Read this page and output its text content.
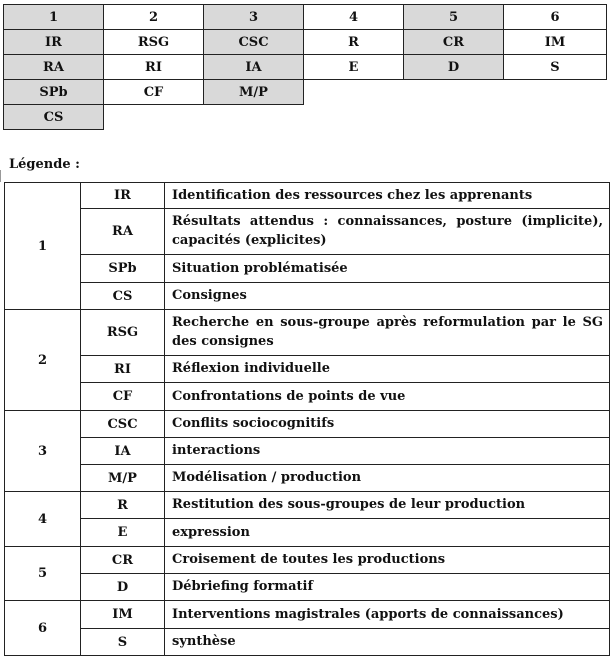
1	2	3	4	5	6
IR	RSG	CSC	R	CR	IM
RA	RI	IA	E	D	S
SPb	CF	M/P			
CS					
Légende :
1	IR	Identification des ressources chez les apprenants
	RA	Résultats attendus : connaissances, posture (implicite), capacités (explicites)
	SPb	Situation problématisée
	CS	Consignes
2	RSG	Recherche en sous-groupe après reformulation par le SG des consignes
	RI	Réflexion individuelle
	CF	Confrontations de points de vue
3	CSC	Conflits sociocognitifs
	IA	interactions
	M/P	Modélisation / production
4	R	Restitution des sous-groupes de leur production
	E	expression
5	CR	Croisement de toutes les productions
	D	Débriefing formatif
6	IM	Interventions magistrales (apports de connaissances)
	S	synthèse
